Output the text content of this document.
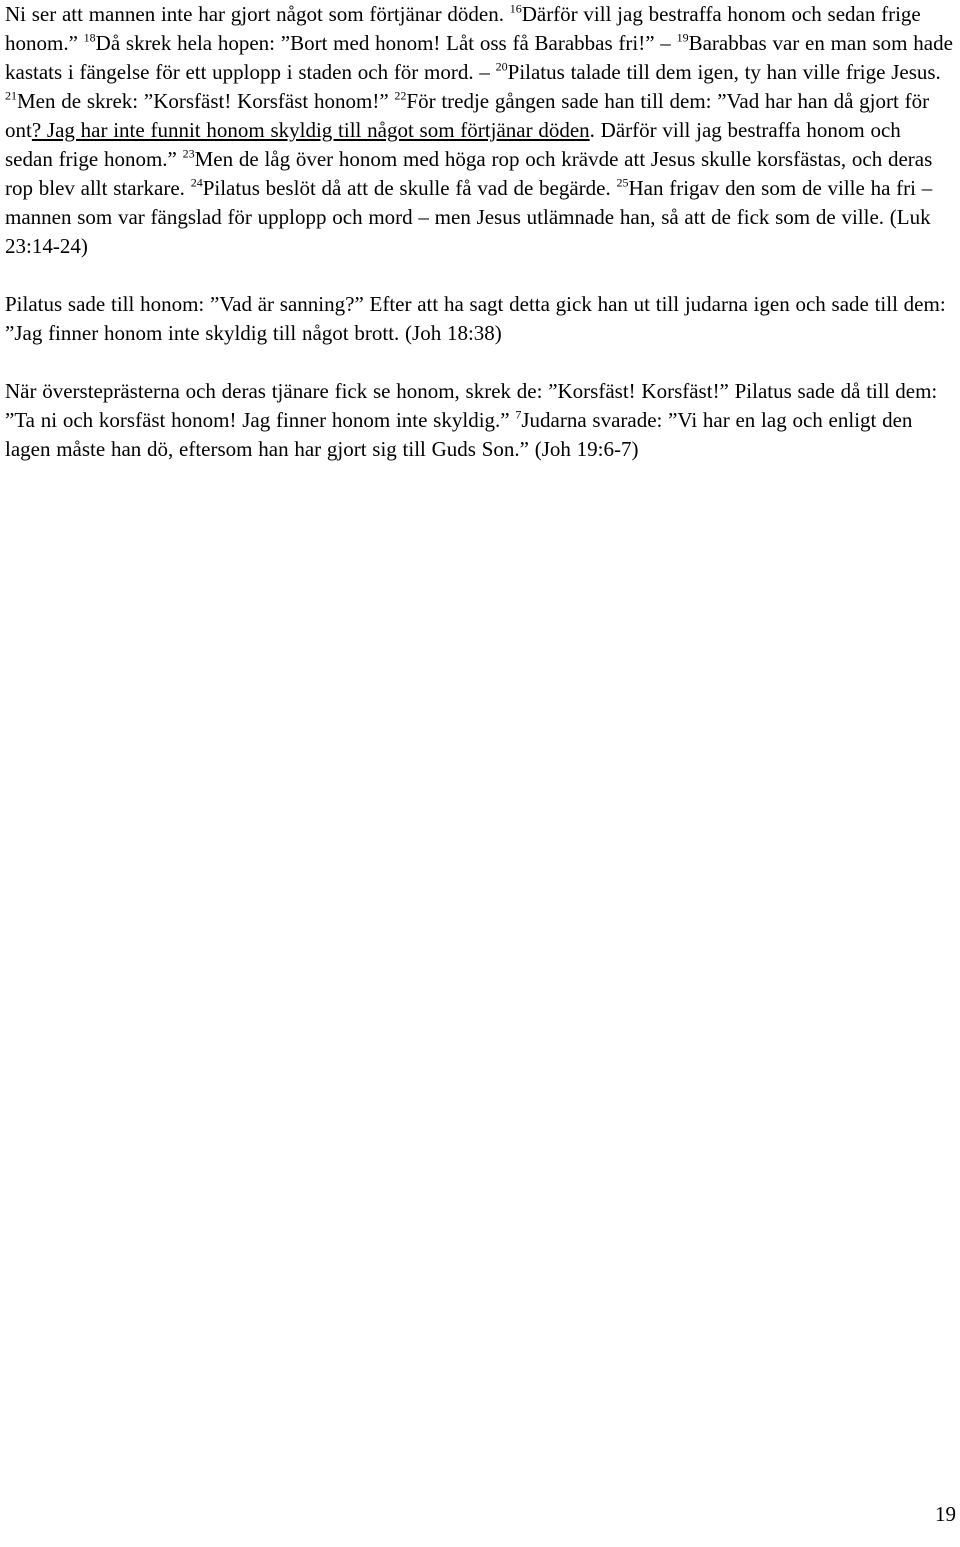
Ni ser att mannen inte har gjort något som förtjänar döden. $^{16}$Därför vill jag bestraffa honom och sedan frige honom.” $^{18}$Då skrek hela hopen: ”Bort med honom! Låt oss få Barabbas fri!” – $^{19}$Barabbas var en man som hade kastats i fängelse för ett upplopp i staden och för mord. – $^{20}$Pilatus talade till dem igen, ty han ville frige Jesus. $^{21}$Men de skrek: ”Korsfäst! Korsfäst honom!” $^{22}$För tredje gången sade han till dem: ”Vad har han då gjort för ont? Jag har inte funnit honom skyldig till något som förtjänar döden. Därför vill jag bestraffa honom och sedan frige honom.” $^{23}$Men de låg över honom med höga rop och krävde att Jesus skulle korsfästas, och deras rop blev allt starkare. $^{24}$Pilatus beslöt då att de skulle få vad de begärde. $^{25}$Han frigav den som de ville ha fri – mannen som var fängslad för upplopp och mord – men Jesus utlämnade han, så att de fick som de ville. (Luk 23:14-24)

Pilatus sade till honom: ”Vad är sanning?” Efter att ha sagt detta gick han ut till judarna igen och sade till dem: ”Jag finner honom inte skyldig till något brott. (Joh 18:38)

När översteprästerna och deras tjänare fick se honom, skrek de: ”Korsfäst! Korsfäst!” Pilatus sade då till dem: ”Ta ni och korsfäst honom! Jag finner honom inte skyldig.” $^7$Judarna svarade: ”Vi har en lag och enligt den lagen måste han dö, eftersom han har gjort sig till Guds Son.” (Joh 19:6-7)

19
